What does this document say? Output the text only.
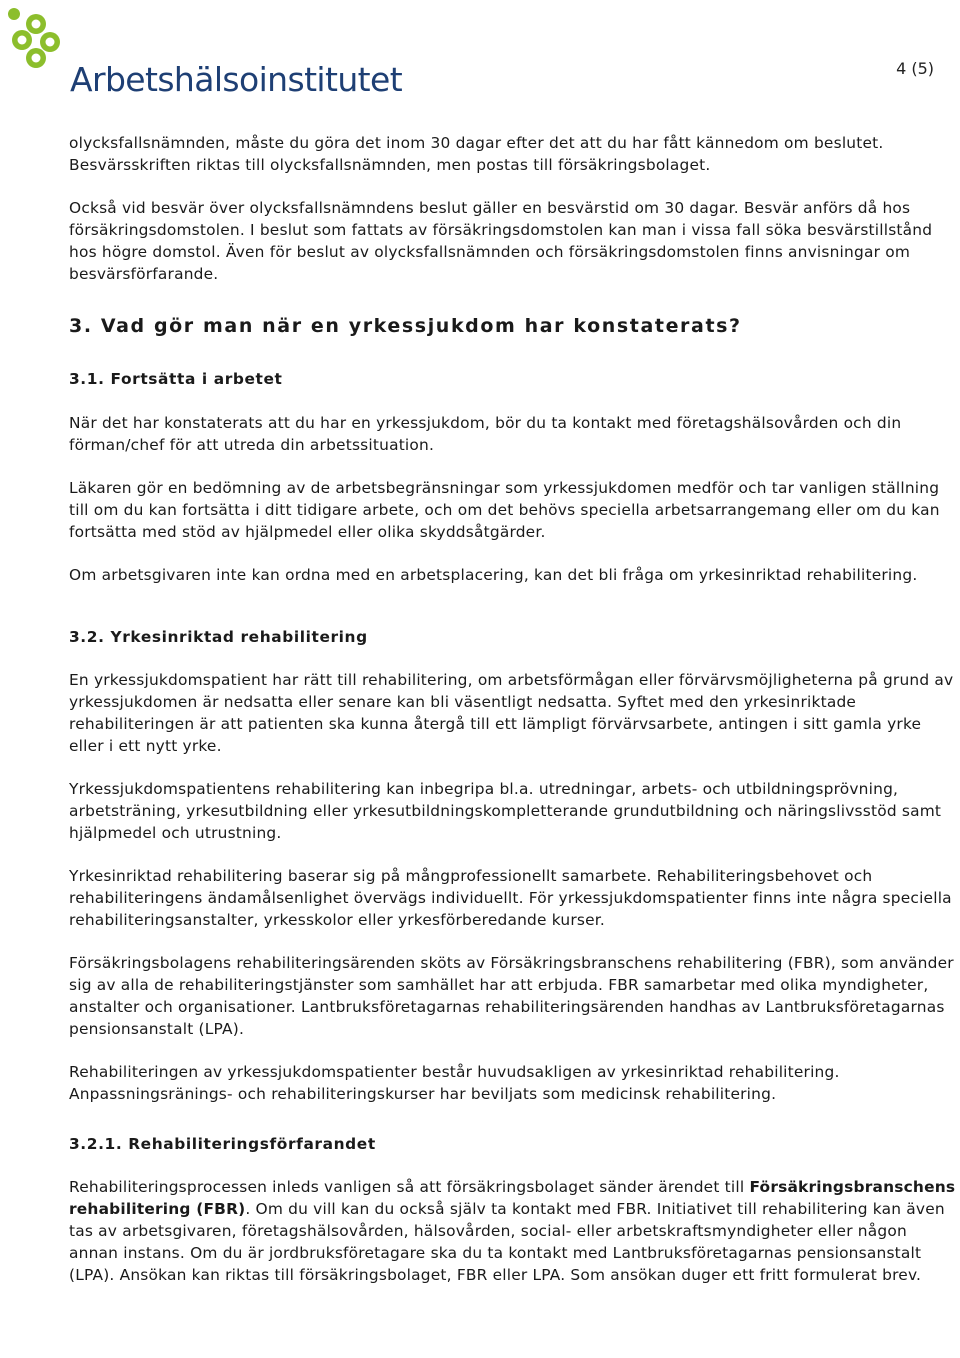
Arbetshälsoinstitutet	4 (5)

olycksfallsnämnden, måste du göra det inom 30 dagar efter det att du har fått kännedom om beslutet. Besvärsskriften riktas till olycksfallsnämnden, men postas till försäkringsbolaget.

Också vid besvär över olycksfallsnämndens beslut gäller en besvärstid om 30 dagar. Besvär anförs då hos försäkringsdomstolen. I beslut som fattats av försäkringsdomstolen kan man i vissa fall söka besvärstillstånd hos högre domstol. Även för beslut av olycksfallsnämnden och försäkringsdomstolen finns anvisningar om besvärsförfarande.

3. Vad gör man när en yrkessjukdom har konstaterats?
3.1. Fortsätta i arbetet

När det har konstaterats att du har en yrkessjukdom, bör du ta kontakt med företagshälsovården och din förman/chef för att utreda din arbetssituation.

Läkaren gör en bedömning av de arbetsbegränsningar som yrkessjukdomen medför och tar vanligen ställning till om du kan fortsätta i ditt tidigare arbete, och om det behövs speciella arbetsarrangemang eller om du kan fortsätta med stöd av hjälpmedel eller olika skyddsåtgärder.

Om arbetsgivaren inte kan ordna med en arbetsplacering, kan det bli fråga om yrkesinriktad rehabilitering.

3.2. Yrkesinriktad rehabilitering

En yrkessjukdomspatient har rätt till rehabilitering, om arbetsförmågan eller förvärvsmöjligheterna på grund av yrkessjukdomen är nedsatta eller senare kan bli väsentligt nedsatta. Syftet med den yrkesinriktade rehabiliteringen är att patienten ska kunna återgå till ett lämpligt förvärvsarbete, antingen i sitt gamla yrke eller i ett nytt yrke.

Yrkessjukdomspatientens rehabilitering kan inbegripa bl.a. utredningar, arbets- och utbildningsprövning, arbetsträning, yrkesutbildning eller yrkesutbildningskompletterande grundutbildning och näringslivsstöd samt hjälpmedel och utrustning.

Yrkesinriktad rehabilitering baserar sig på mångprofessionellt samarbete. Rehabiliteringsbehovet och rehabiliteringens ändamålsenlighet övervägs individuellt. För yrkessjukdomspatienter finns inte några speciella rehabiliteringsanstalter, yrkesskolor eller yrkesförberedande kurser.

Försäkringsbolagens rehabiliteringsärenden sköts av Försäkringsbranschens rehabilitering (FBR), som använder sig av alla de rehabiliteringstjänster som samhället har att erbjuda. FBR samarbetar med olika myndigheter, anstalter och organisationer. Lantbruksföretagarnas rehabiliteringsärenden handhas av Lantbruksföretagarnas pensionsanstalt (LPA).

Rehabiliteringen av yrkessjukdomspatienter består huvudsakligen av yrkesinriktad rehabilitering. Anpassningsränings- och rehabiliteringskurser har beviljats som medicinsk rehabilitering.

3.2.1. Rehabiliteringsförfarandet

Rehabiliteringsprocessen inleds vanligen så att försäkringsbolaget sänder ärendet till Försäkringsbranschens rehabilitering (FBR). Om du vill kan du också själv ta kontakt med FBR. Initiativet till rehabilitering kan även tas av arbetsgivaren, företagshälsovården, hälsovården, social- eller arbetskraftsmyndigheter eller någon annan instans. Om du är jordbruksföretagare ska du ta kontakt med Lantbruksföretagarnas pensionsanstalt (LPA). Ansökan kan riktas till försäkringsbolaget, FBR eller LPA. Som ansökan duger ett fritt formulerat brev.
